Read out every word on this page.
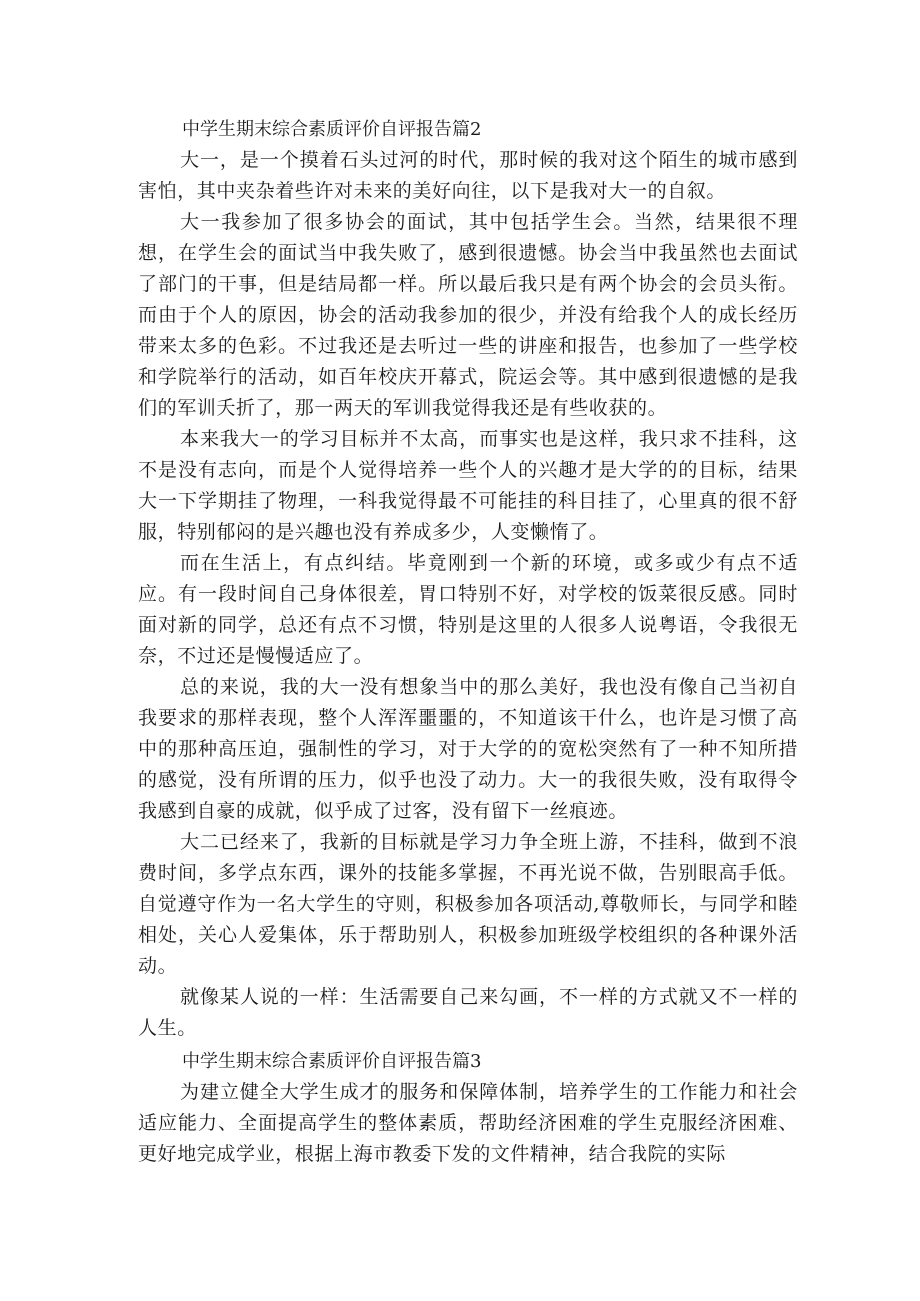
中学生期末综合素质评价自评报告篇2

大一，是一个摸着石头过河的时代，那时候的我对这个陌生的城市感到害怕，其中夹杂着些许对未来的美好向往，以下是我对大一的自叙。

大一我参加了很多协会的面试，其中包括学生会。当然，结果很不理想，在学生会的面试当中我失败了，感到很遗憾。协会当中我虽然也去面试了部门的干事，但是结局都一样。所以最后我只是有两个协会的会员头衔。而由于个人的原因，协会的活动我参加的很少，并没有给我个人的成长经历带来太多的色彩。不过我还是去听过一些的讲座和报告，也参加了一些学校和学院举行的活动，如百年校庆开幕式，院运会等。其中感到很遗憾的是我们的军训夭折了，那一两天的军训我觉得我还是有些收获的。

本来我大一的学习目标并不太高，而事实也是这样，我只求不挂科，这不是没有志向，而是个人觉得培养一些个人的兴趣才是大学的的目标，结果大一下学期挂了物理，一科我觉得最不可能挂的科目挂了，心里真的很不舒服，特别郁闷的是兴趣也没有养成多少，人变懒惰了。

而在生活上，有点纠结。毕竟刚到一个新的环境，或多或少有点不适应。有一段时间自己身体很差，胃口特别不好，对学校的饭菜很反感。同时面对新的同学，总还有点不习惯，特别是这里的人很多人说粤语，令我很无奈，不过还是慢慢适应了。

总的来说，我的大一没有想象当中的那么美好，我也没有像自己当初自我要求的那样表现，整个人浑浑噩噩的，不知道该干什么，也许是习惯了高中的那种高压迫，强制性的学习，对于大学的的宽松突然有了一种不知所措的感觉，没有所谓的压力，似乎也没了动力。大一的我很失败，没有取得令我感到自豪的成就，似乎成了过客，没有留下一丝痕迹。

大二已经来了，我新的目标就是学习力争全班上游，不挂科，做到不浪费时间，多学点东西，课外的技能多掌握，不再光说不做，告别眼高手低。自觉遵守作为一名大学生的守则，积极参加各项活动,尊敬师长，与同学和睦相处，关心人爱集体，乐于帮助别人，积极参加班级学校组织的各种课外活动。

就像某人说的一样：生活需要自己来勾画，不一样的方式就又不一样的人生。

中学生期末综合素质评价自评报告篇3

为建立健全大学生成才的服务和保障体制，培养学生的工作能力和社会适应能力、全面提高学生的整体素质，帮助经济困难的学生克服经济困难、更好地完成学业，根据上海市教委下发的文件精神，结合我院的实际
